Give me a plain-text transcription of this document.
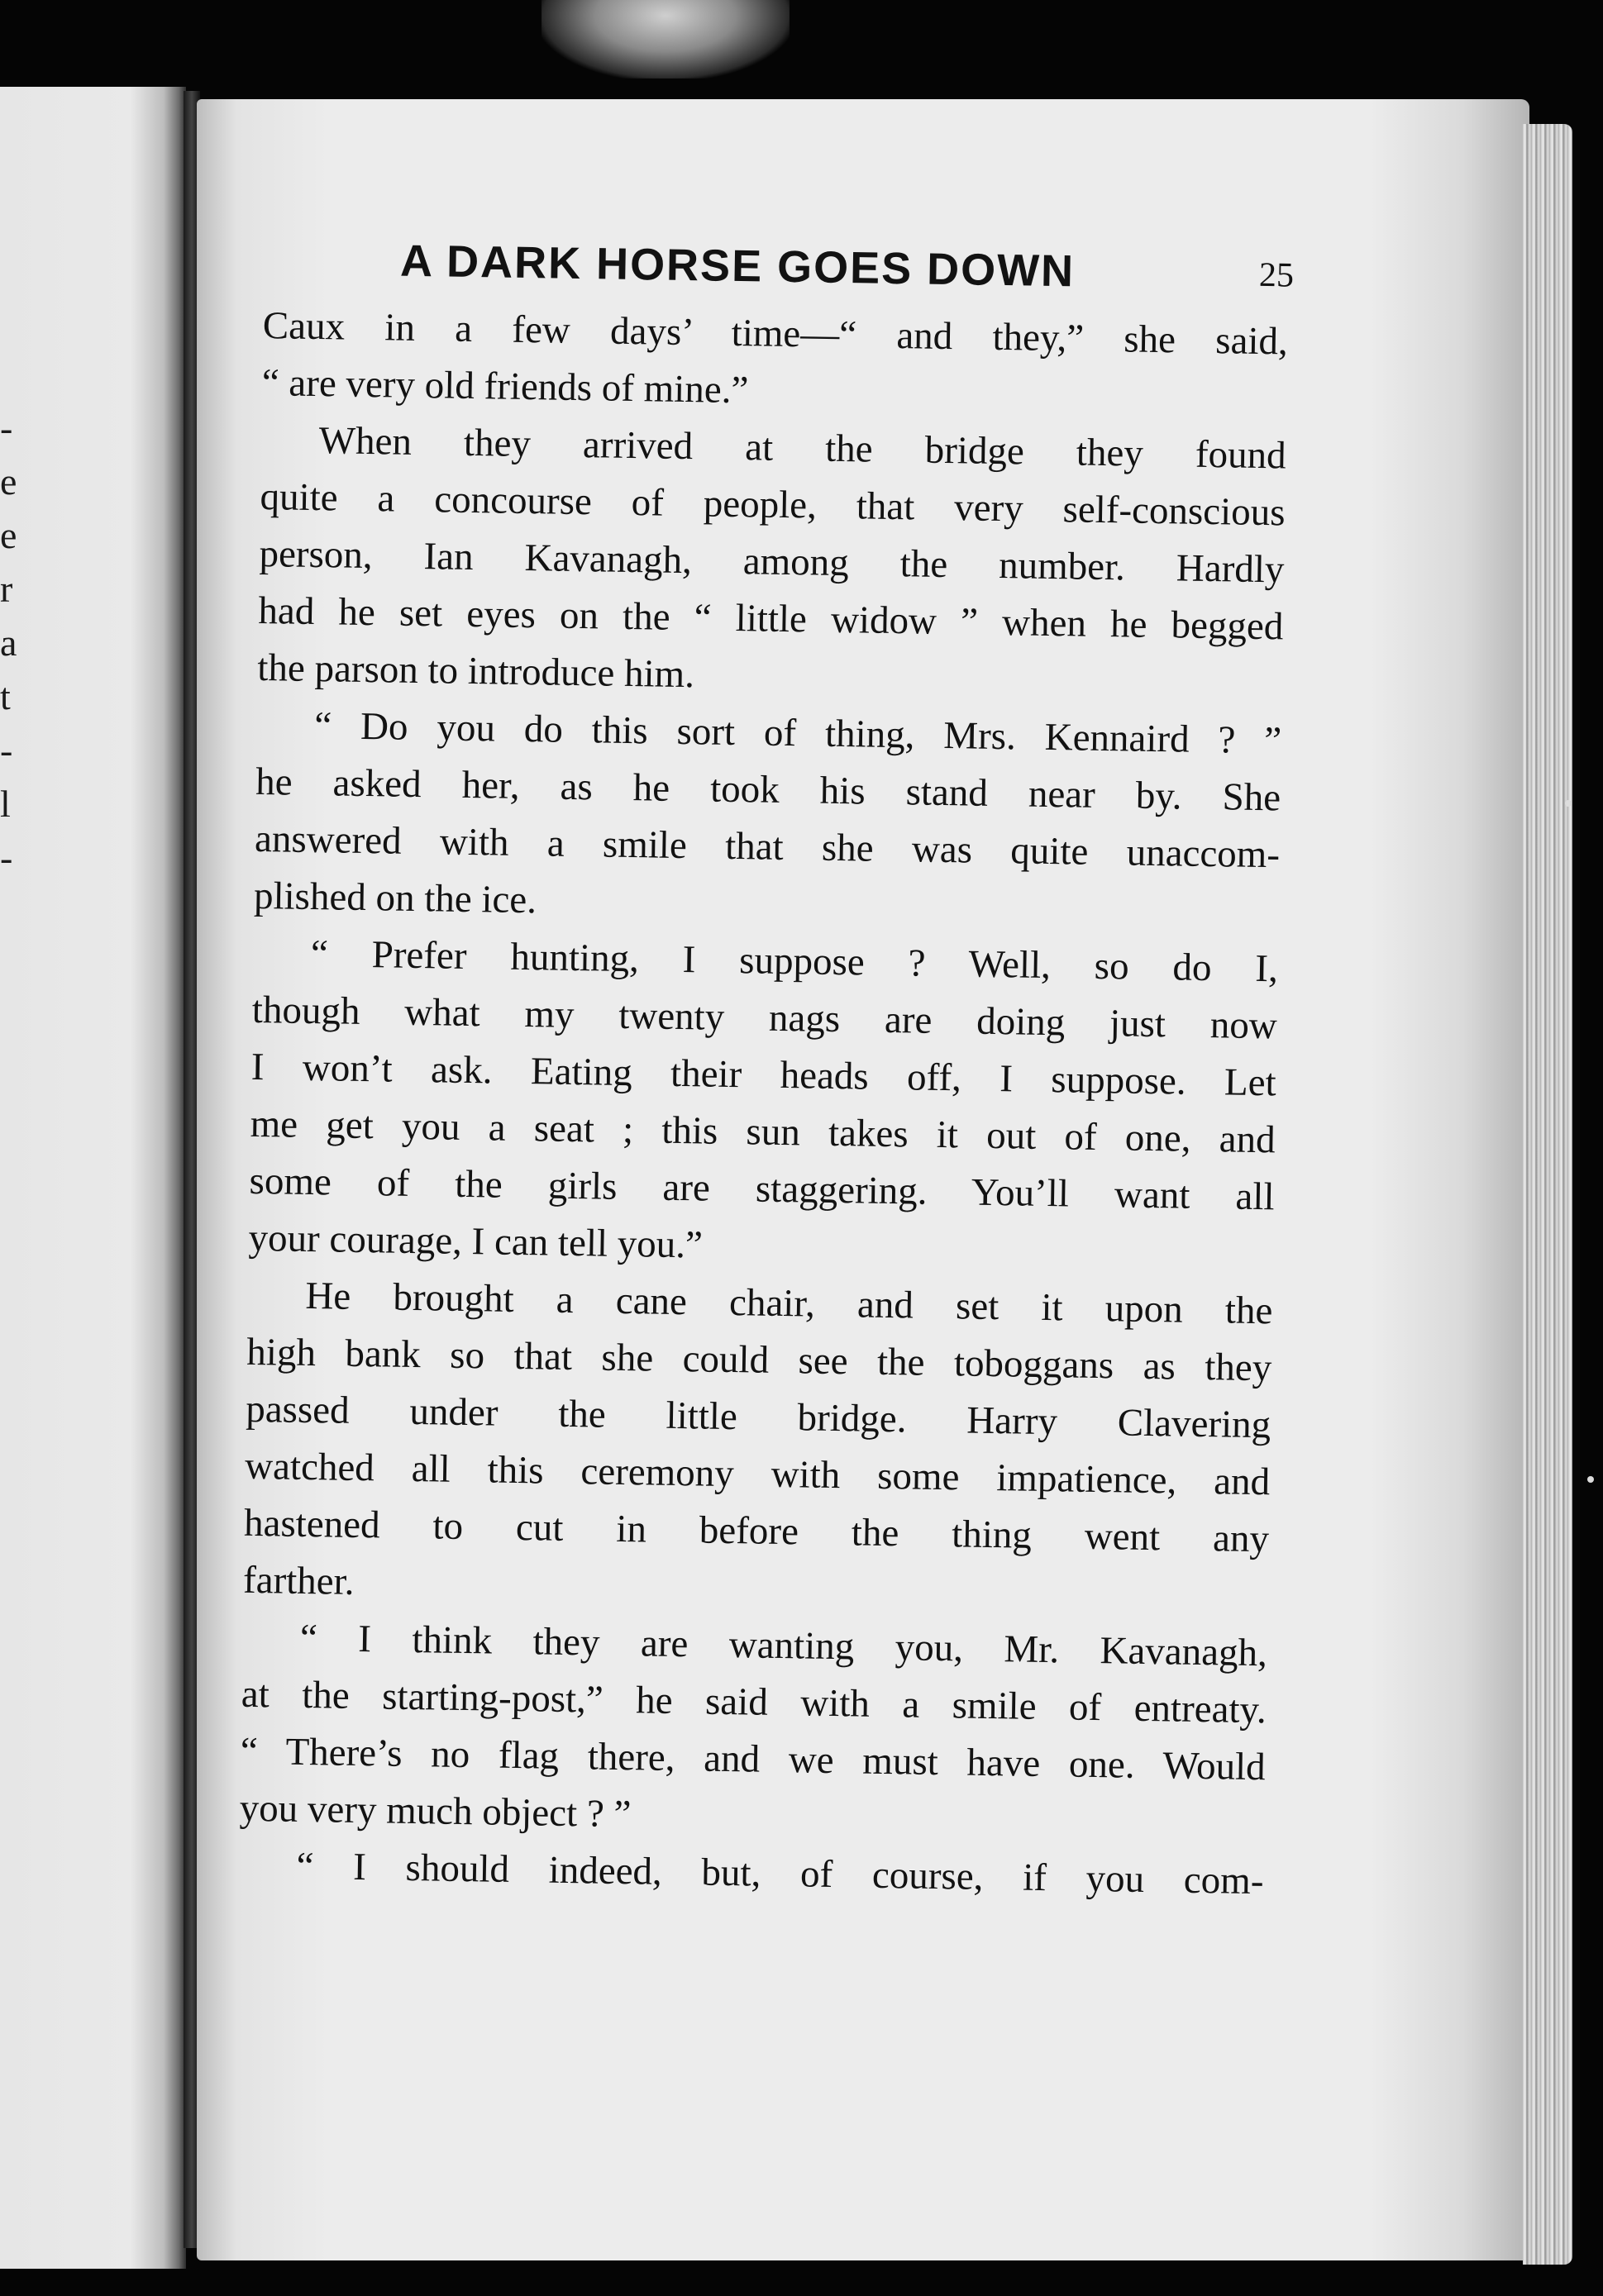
-
e
e
r
a
t
-
l
-
A DARK HORSE GOES DOWN	25
Caux in a few days’ time—“ and they,” she said,
“ are very old friends of mine.”
When they arrived at the bridge they found
quite a concourse of people, that very self-conscious
person, Ian Kavanagh, among the number. Hardly
had he set eyes on the “ little widow ” when he begged
the parson to introduce him.
“ Do you do this sort of thing, Mrs. Kennaird ? ”
he asked her, as he took his stand near by. She
answered with a smile that she was quite unaccom-
plished on the ice.
“ Prefer hunting, I suppose ? Well, so do I,
though what my twenty nags are doing just now
I won’t ask. Eating their heads off, I suppose. Let
me get you a seat ; this sun takes it out of one, and
some of the girls are staggering. You’ll want all
your courage, I can tell you.”
He brought a cane chair, and set it upon the
high bank so that she could see the toboggans as they
passed under the little bridge. Harry Clavering
watched all this ceremony with some impatience, and
hastened to cut in before the thing went any
farther.
“ I think they are wanting you, Mr. Kavanagh,
at the starting-post,” he said with a smile of entreaty.
“ There’s no flag there, and we must have one. Would
you very much object ? ”
“ I should indeed, but, of course, if you com-
